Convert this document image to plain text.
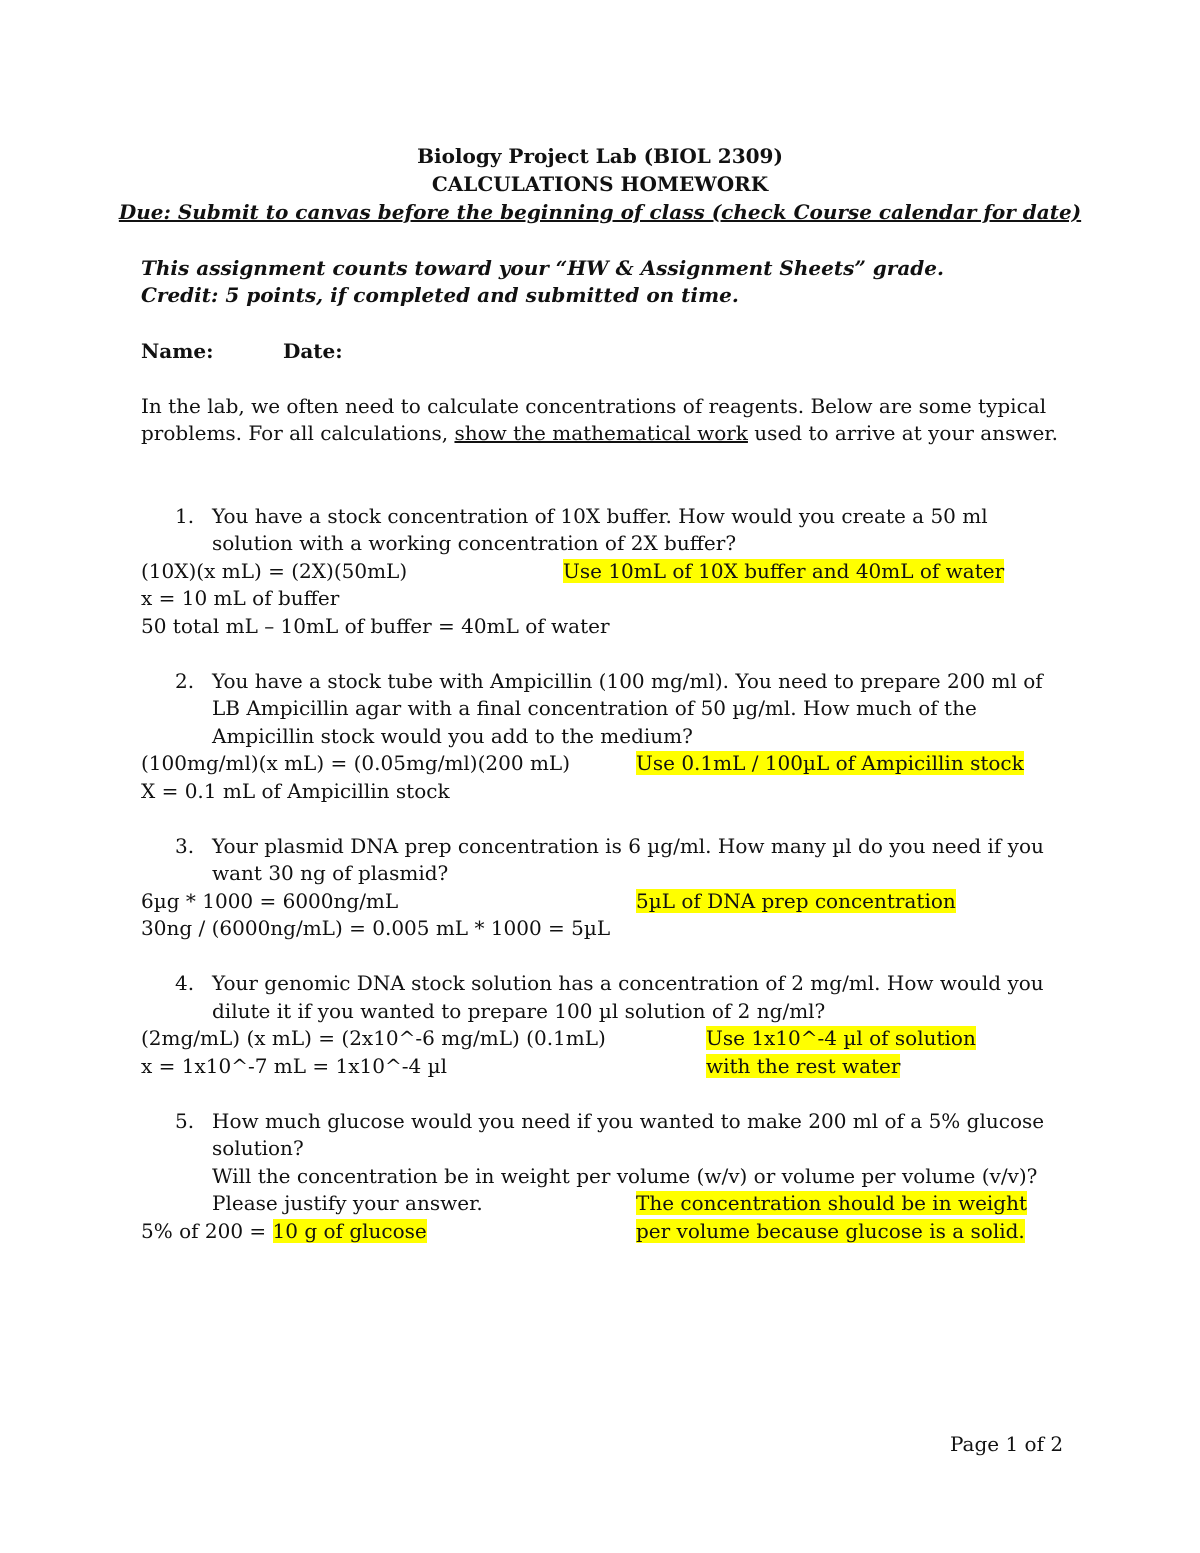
Biology Project Lab (BIOL 2309)
CALCULATIONS HOMEWORK
Due: Submit to canvas before the beginning of class (check Course calendar for date)
This assignment counts toward your “HW & Assignment Sheets” grade.
Credit: 5 points, if completed and submitted on time.
Name:	Date:
In the lab, we often need to calculate concentrations of reagents. Below are some typical
problems. For all calculations, show the mathematical work used to arrive at your answer.
1. You have a stock concentration of 10X buffer. How would you create a 50 ml
solution with a working concentration of 2X buffer?
(10X)(x mL) = (2X)(50mL)
x = 10 mL of buffer
50 total mL – 10mL of buffer = 40mL of water
Use 10mL of 10X buffer and 40mL of water
2. You have a stock tube with Ampicillin (100 mg/ml). You need to prepare 200 ml of
LB Ampicillin agar with a final concentration of 50 µg/ml. How much of the
Ampicillin stock would you add to the medium?
(100mg/ml)(x mL) = (0.05mg/ml)(200 mL)
X = 0.1 mL of Ampicillin stock
Use 0.1mL / 100µL of Ampicillin stock
3. Your plasmid DNA prep concentration is 6 µg/ml. How many µl do you need if you
want 30 ng of plasmid?
6µg * 1000 = 6000ng/mL
30ng / (6000ng/mL) = 0.005 mL * 1000 = 5µL
5µL of DNA prep concentration
4. Your genomic DNA stock solution has a concentration of 2 mg/ml. How would you
dilute it if you wanted to prepare 100 µl solution of 2 ng/ml?
(2mg/mL) (x mL) = (2x10^-6 mg/mL) (0.1mL)
x = 1x10^-7 mL = 1x10^-4 µl
Use 1x10^-4 µl of solution
with the rest water
5. How much glucose would you need if you wanted to make 200 ml of a 5% glucose
solution?
Will the concentration be in weight per volume (w/v) or volume per volume (v/v)?
Please justify your answer.
5% of 200 = 10 g of glucose
The concentration should be in weight
per volume because glucose is a solid.
Page 1 of 2
